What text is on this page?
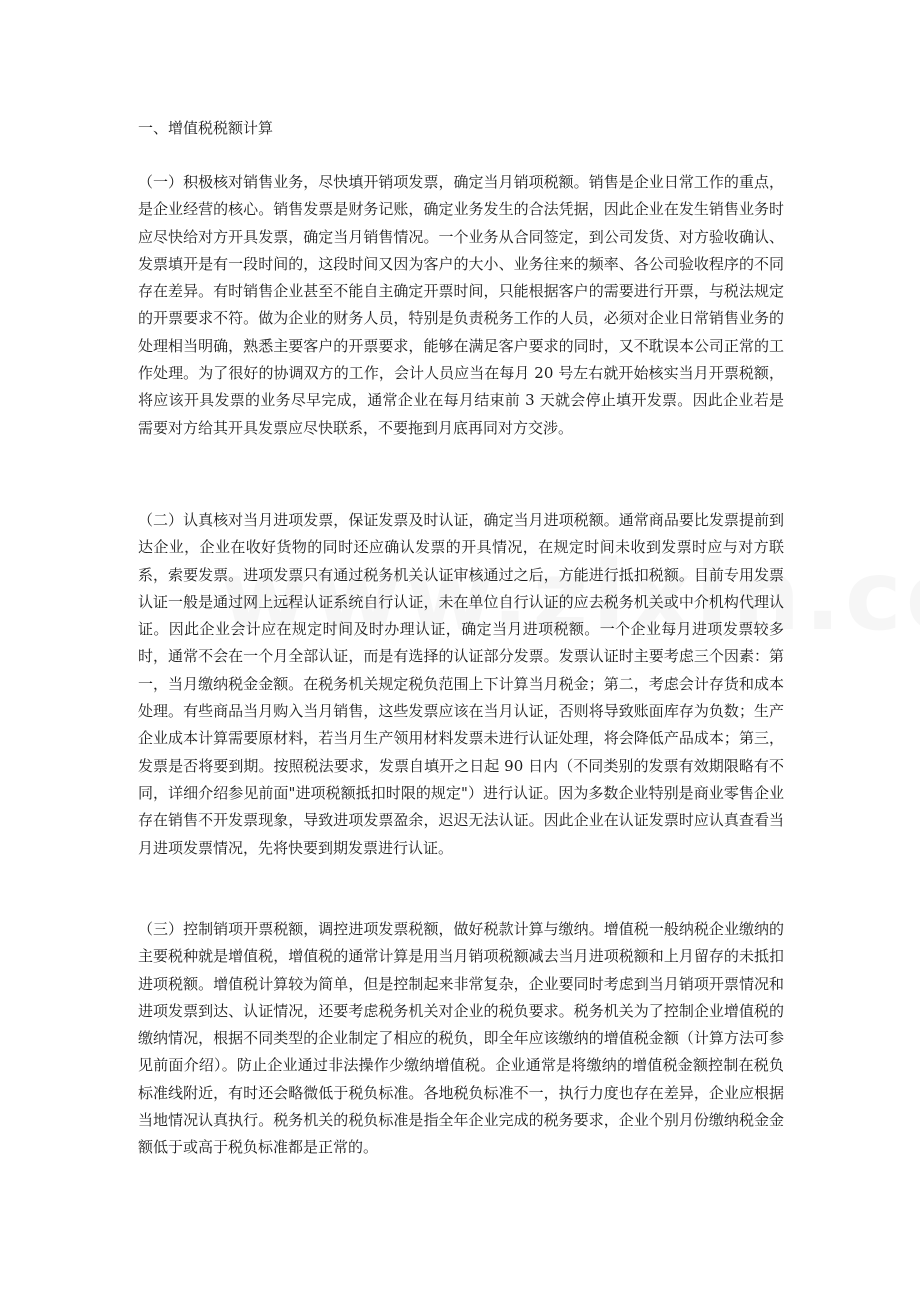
一、增值税税额计算

（一）积极核对销售业务，尽快填开销项发票，确定当月销项税额。销售是企业日常工作的重点，是企业经营的核心。销售发票是财务记账，确定业务发生的合法凭据，因此企业在发生销售业务时应尽快给对方开具发票，确定当月销售情况。一个业务从合同签定，到公司发货、对方验收确认、发票填开是有一段时间的，这段时间又因为客户的大小、业务往来的频率、各公司验收程序的不同存在差异。有时销售企业甚至不能自主确定开票时间，只能根据客户的需要进行开票，与税法规定的开票要求不符。做为企业的财务人员，特别是负责税务工作的人员，必须对企业日常销售业务的处理相当明确，熟悉主要客户的开票要求，能够在满足客户要求的同时，又不耽误本公司正常的工作处理。为了很好的协调双方的工作，会计人员应当在每月 20 号左右就开始核实当月开票税额，将应该开具发票的业务尽早完成，通常企业在每月结束前 3 天就会停止填开发票。因此企业若是需要对方给其开具发票应尽快联系，不要拖到月底再同对方交涉。

（二）认真核对当月进项发票，保证发票及时认证，确定当月进项税额。通常商品要比发票提前到达企业，企业在收好货物的同时还应确认发票的开具情况，在规定时间未收到发票时应与对方联系，索要发票。进项发票只有通过税务机关认证审核通过之后，方能进行抵扣税额。目前专用发票认证一般是通过网上远程认证系统自行认证，未在单位自行认证的应去税务机关或中介机构代理认证。因此企业会计应在规定时间及时办理认证，确定当月进项税额。一个企业每月进项发票较多时，通常不会在一个月全部认证，而是有选择的认证部分发票。发票认证时主要考虑三个因素：第一，当月缴纳税金金额。在税务机关规定税负范围上下计算当月税金；第二，考虑会计存货和成本处理。有些商品当月购入当月销售，这些发票应该在当月认证，否则将导致账面库存为负数；生产企业成本计算需要原材料，若当月生产领用材料发票未进行认证处理，将会降低产品成本；第三，发票是否将要到期。按照税法要求，发票自填开之日起 90 日内（不同类别的发票有效期限略有不同，详细介绍参见前面"进项税额抵扣时限的规定"）进行认证。因为多数企业特别是商业零售企业存在销售不开发票现象，导致进项发票盈余，迟迟无法认证。因此企业在认证发票时应认真查看当月进项发票情况，先将快要到期发票进行认证。

（三）控制销项开票税额，调控进项发票税额，做好税款计算与缴纳。增值税一般纳税企业缴纳的主要税种就是增值税，增值税的通常计算是用当月销项税额减去当月进项税额和上月留存的未抵扣进项税额。增值税计算较为简单，但是控制起来非常复杂，企业要同时考虑到当月销项开票情况和进项发票到达、认证情况，还要考虑税务机关对企业的税负要求。税务机关为了控制企业增值税的缴纳情况，根据不同类型的企业制定了相应的税负，即全年应该缴纳的增值税金额（计算方法可参见前面介绍）。防止企业通过非法操作少缴纳增值税。企业通常是将缴纳的增值税金额控制在税负标准线附近，有时还会略微低于税负标准。各地税负标准不一，执行力度也存在差异，企业应根据当地情况认真执行。税务机关的税负标准是指全年企业完成的税务要求，企业个别月份缴纳税金金额低于或高于税负标准都是正常的。
